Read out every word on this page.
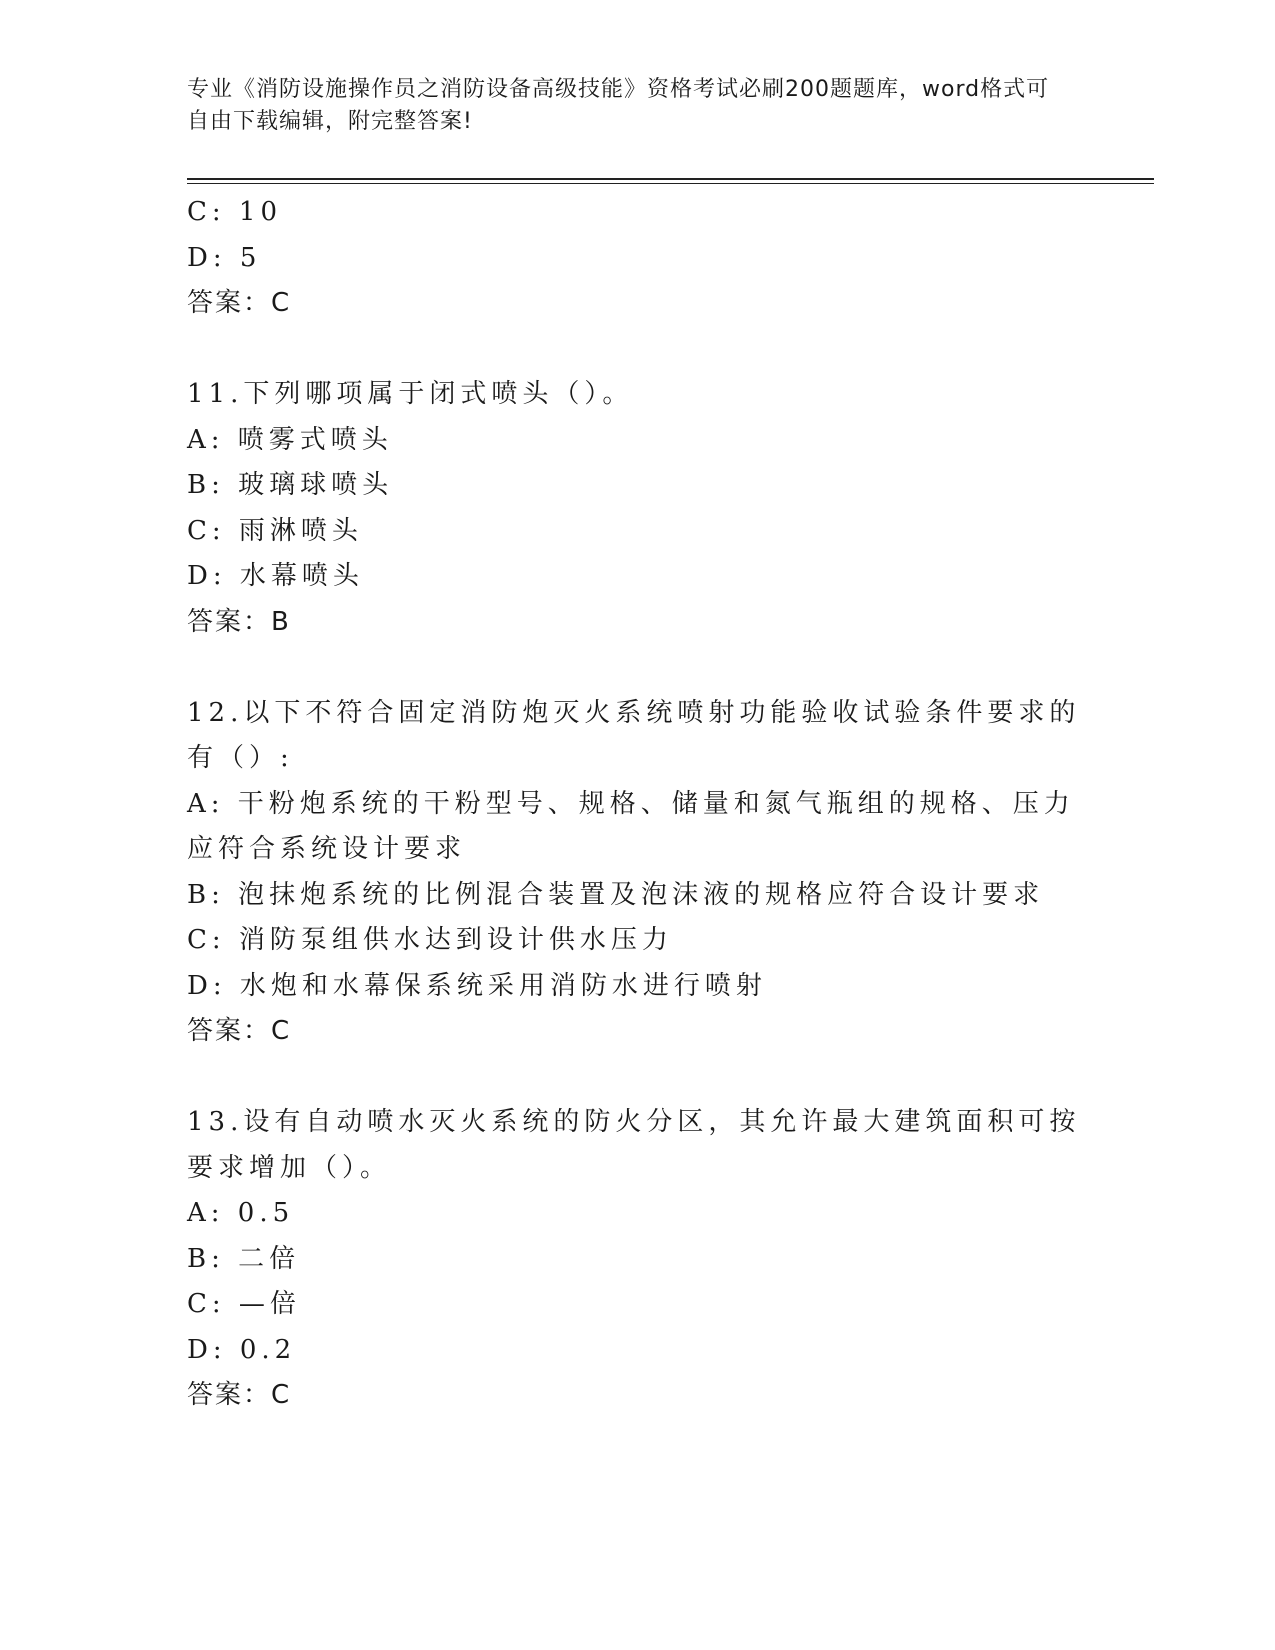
专业《消防设施操作员之消防设备高级技能》资格考试必刷200题题库，word格式可自由下载编辑，附完整答案!
C: 10
D: 5
答案：C
11.下列哪项属于闭式喷头（）。
A: 喷雾式喷头
B: 玻璃球喷头
C: 雨淋喷头
D: 水幕喷头
答案：B
12.以下不符合固定消防炮灭火系统喷射功能验收试验条件要求的有（）:
A: 干粉炮系统的干粉型号、规格、储量和氮气瓶组的规格、压力应符合系统设计要求
B: 泡抹炮系统的比例混合装置及泡沫液的规格应符合设计要求
C: 消防泵组供水达到设计供水压力
D: 水炮和水幕保系统采用消防水进行喷射
答案：C
13.设有自动喷水灭火系统的防火分区，其允许最大建筑面积可按要求增加（）。
A: 0.5
B: 二倍
C: —倍
D: 0.2
答案：C
